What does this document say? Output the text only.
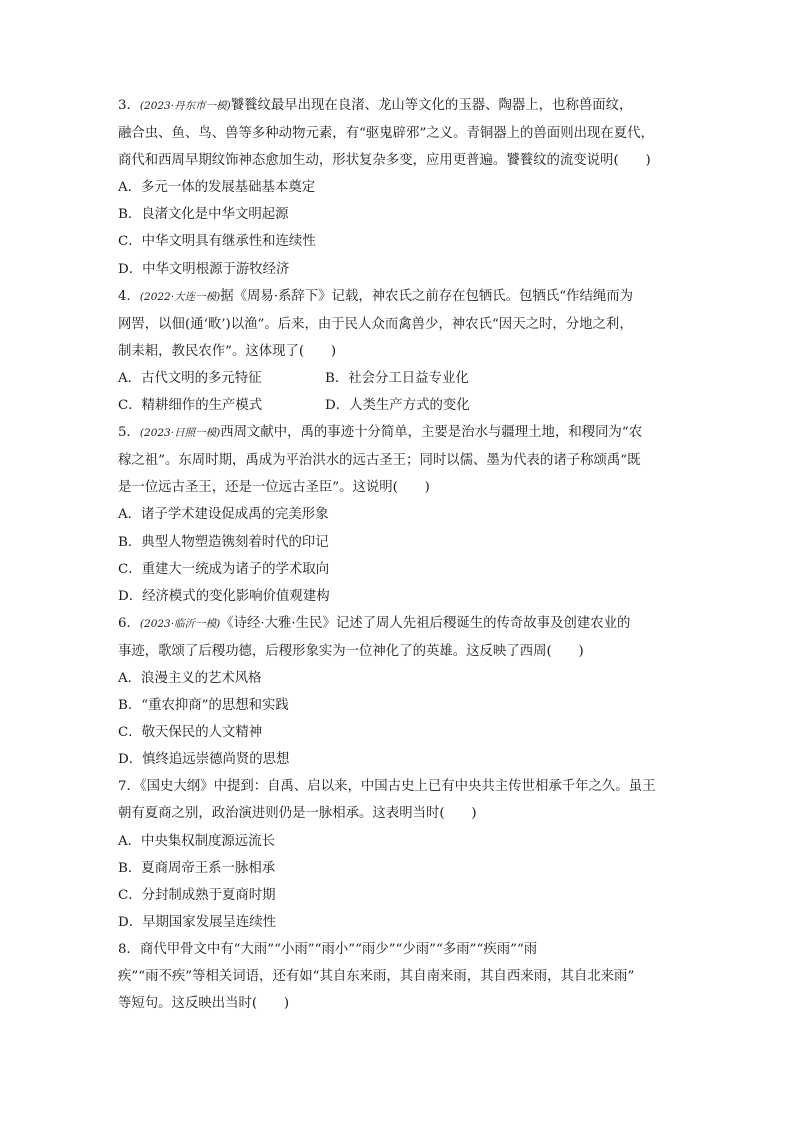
3．(2023·丹东市一模)饕餮纹最早出现在良渚、龙山等文化的玉器、陶器上，也称兽面纹，
融合虫、鱼、鸟、兽等多种动物元素，有“驱鬼辟邪”之义。青铜器上的兽面则出现在夏代，
商代和西周早期纹饰神态愈加生动，形状复杂多变，应用更普遍。饕餮纹的流变说明(　　)
A．多元一体的发展基础基本奠定
B．良渚文化是中华文明起源
C．中华文明具有继承性和连续性
D．中华文明根源于游牧经济
4．(2022·大连一模)据《周易·系辞下》记载，神农氏之前存在包牺氏。包牺氏“作结绳而为
网罟，以佃(通‘畋’)以渔”。后来，由于民人众而禽兽少，神农氏“因天之时，分地之利，
制耒耜，教民农作”。这体现了(　　)
A．古代文明的多元特征	B．社会分工日益专业化
C．精耕细作的生产模式	D．人类生产方式的变化
5．(2023·日照一模)西周文献中，禹的事迹十分简单，主要是治水与疆理土地，和稷同为“农
稼之祖”。东周时期，禹成为平治洪水的远古圣王；同时以儒、墨为代表的诸子称颂禹“既
是一位远古圣王，还是一位远古圣臣”。这说明(　　)
A．诸子学术建设促成禹的完美形象
B．典型人物塑造镌刻着时代的印记
C．重建大一统成为诸子的学术取向
D．经济模式的变化影响价值观建构
6．(2023·临沂一模)《诗经·大雅·生民》记述了周人先祖后稷诞生的传奇故事及创建农业的
事迹，歌颂了后稷功德，后稷形象实为一位神化了的英雄。这反映了西周(　　)
A．浪漫主义的艺术风格
B．“重农抑商”的思想和实践
C．敬天保民的人文精神
D．慎终追远崇德尚贤的思想
7．《国史大纲》中提到：自禹、启以来，中国古史上已有中央共主传世相承千年之久。虽王
朝有夏商之别，政治演进则仍是一脉相承。这表明当时(　　)
A．中央集权制度源远流长
B．夏商周帝王系一脉相承
C．分封制成熟于夏商时期
D．早期国家发展呈连续性
8．商代甲骨文中有“大雨”“小雨”“雨小”“雨少”“少雨”“多雨”“疾雨”“雨
疾”“雨不疾”等相关词语，还有如“其自东来雨，其自南来雨，其自西来雨，其自北来雨”
等短句。这反映出当时(　　)
